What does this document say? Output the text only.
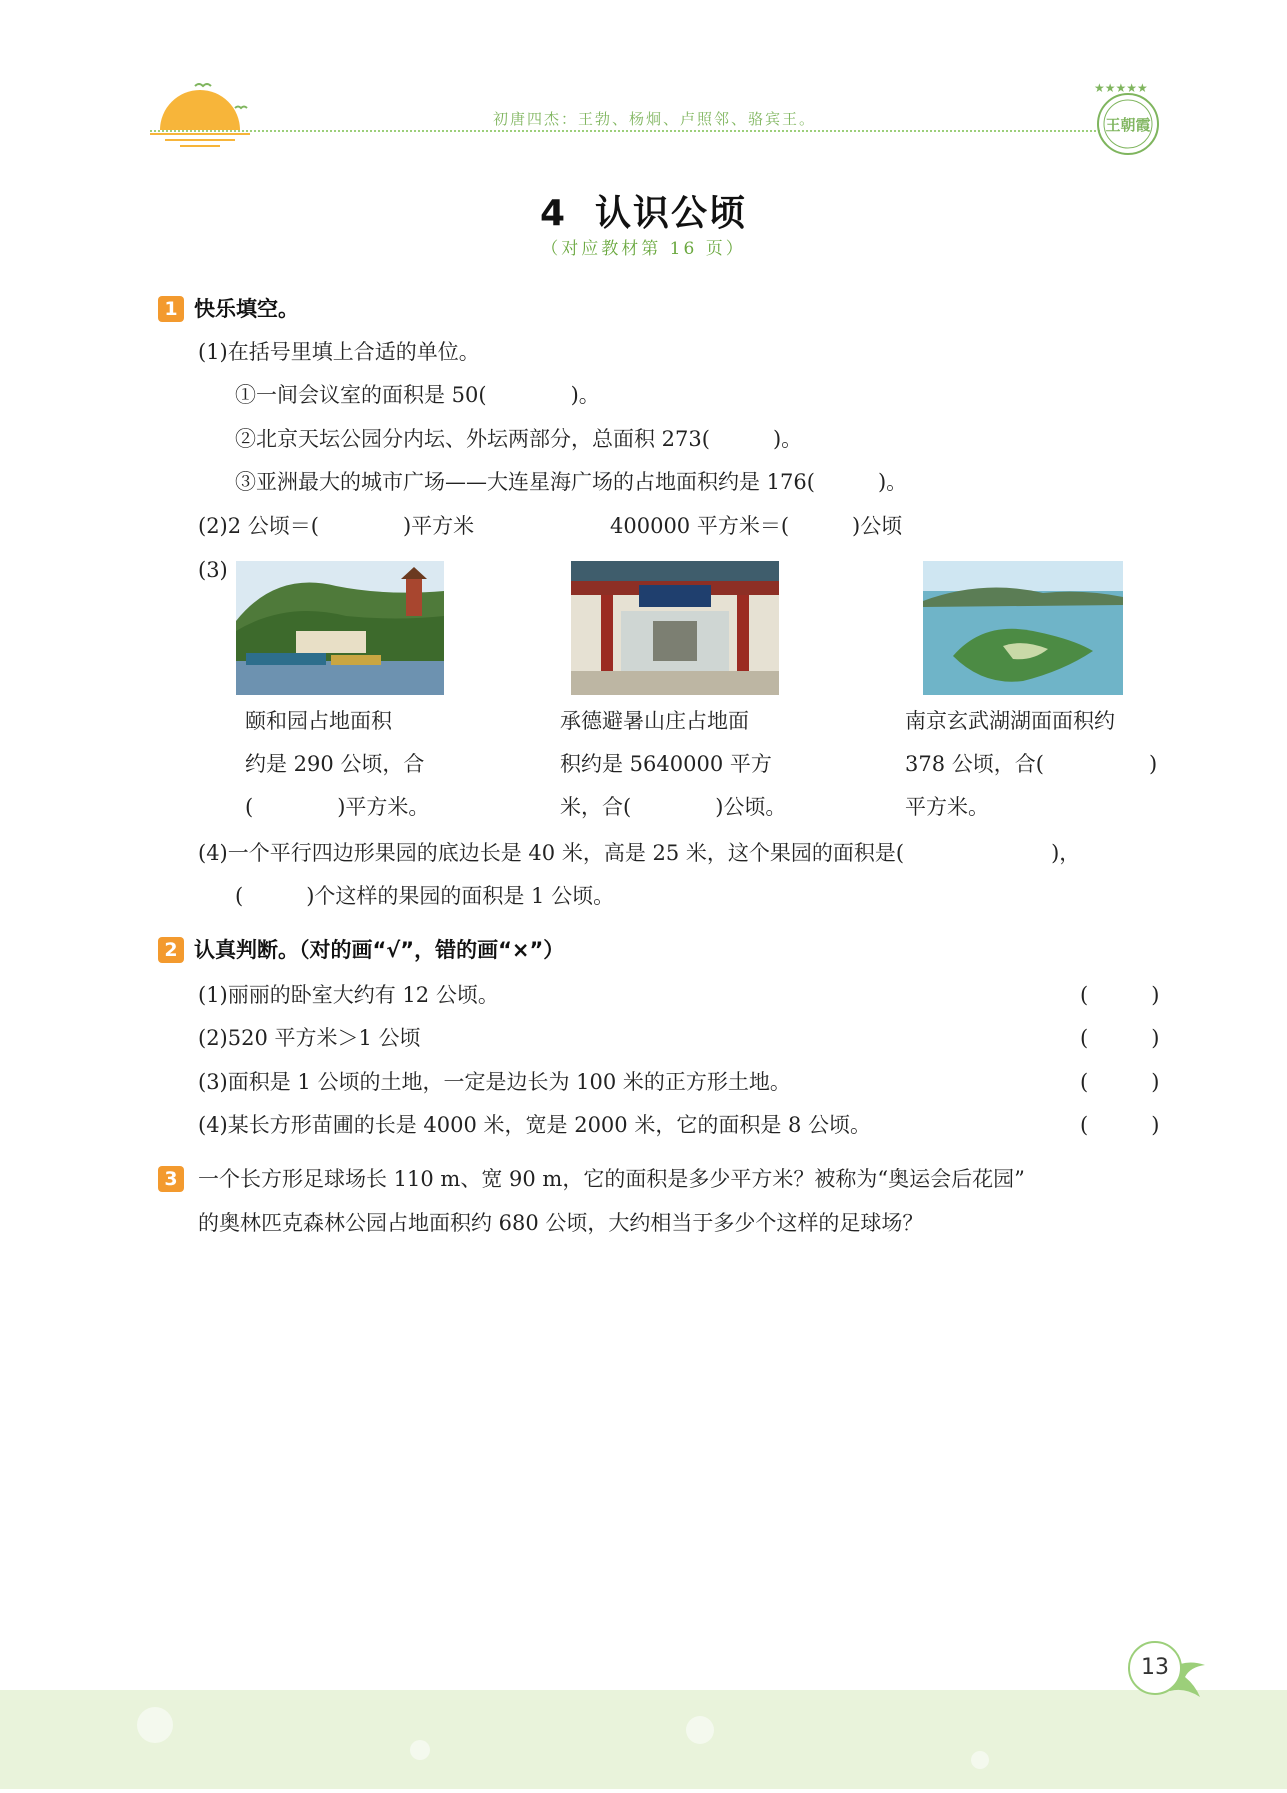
初唐四杰：王勃、杨炯、卢照邻、骆宾王。
★★★★★
王朝霞
4 认识公顷
（对应教材第 16 页）
1 快乐填空。
(1)在括号里填上合适的单位。
①一间会议室的面积是 50(　　　　)。
②北京天坛公园分内坛、外坛两部分，总面积 273(　　　)。
③亚洲最大的城市广场——大连星海广场的占地面积约是 176(　　　)。
(2)2 公顷＝(　　　　)平方米	400000 平方米＝(　　　)公顷
(3)
颐和园占地面积
约是 290 公顷，合
(　　　　)平方米。
承德避暑山庄占地面
积约是 5640000 平方
米，合(　　　　)公顷。
南京玄武湖湖面面积约
378 公顷，合(　　　　　)
平方米。
(4)一个平行四边形果园的底边长是 40 米，高是 25 米，这个果园的面积是(　　　　　　　)，
(　　　)个这样的果园的面积是 1 公顷。
2 认真判断。（对的画“√”，错的画“×”）
(1)丽丽的卧室大约有 12 公顷。	(　　　)
(2)520 平方米＞1 公顷	(　　　)
(3)面积是 1 公顷的土地，一定是边长为 100 米的正方形土地。	(　　　)
(4)某长方形苗圃的长是 4000 米，宽是 2000 米，它的面积是 8 公顷。	(　　　)
3 一个长方形足球场长 110 m、宽 90 m，它的面积是多少平方米？被称为“奥运会后花园”
的奥林匹克森林公园占地面积约 680 公顷，大约相当于多少个这样的足球场？
13
